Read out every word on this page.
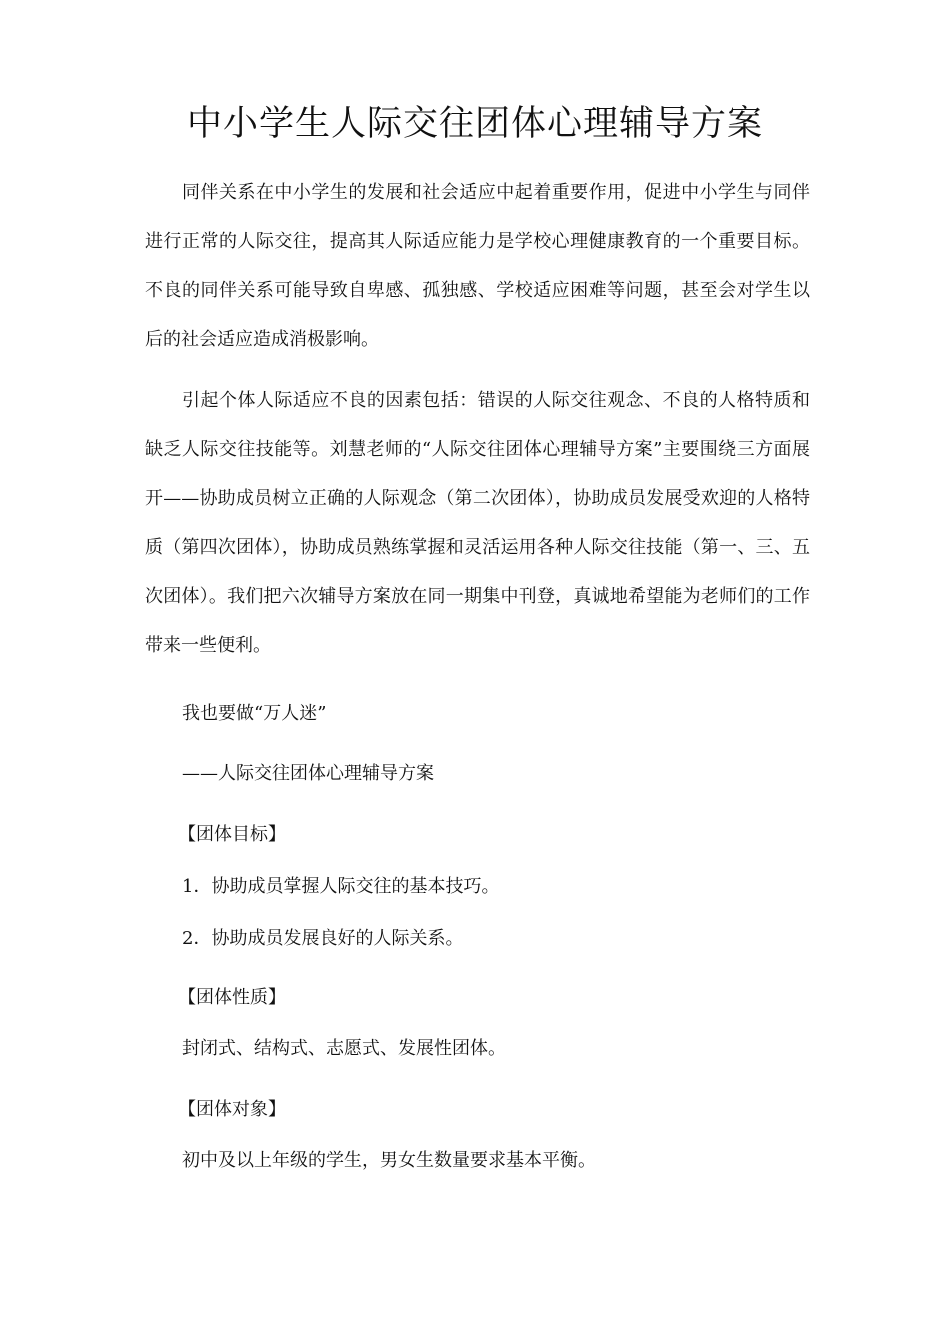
中小学生人际交往团体心理辅导方案

同伴关系在中小学生的发展和社会适应中起着重要作用，促进中小学生与同伴进行正常的人际交往，提高其人际适应能力是学校心理健康教育的一个重要目标。不良的同伴关系可能导致自卑感、孤独感、学校适应困难等问题，甚至会对学生以后的社会适应造成消极影响。

引起个体人际适应不良的因素包括：错误的人际交往观念、不良的人格特质和缺乏人际交往技能等。刘慧老师的“人际交往团体心理辅导方案”主要围绕三方面展开——协助成员树立正确的人际观念（第二次团体），协助成员发展受欢迎的人格特质（第四次团体），协助成员熟练掌握和灵活运用各种人际交往技能（第一、三、五次团体）。我们把六次辅导方案放在同一期集中刊登，真诚地希望能为老师们的工作带来一些便利。

我也要做“万人迷”

——人际交往团体心理辅导方案

【团体目标】

1．协助成员掌握人际交往的基本技巧。

2．协助成员发展良好的人际关系。

【团体性质】

封闭式、结构式、志愿式、发展性团体。

【团体对象】

初中及以上年级的学生，男女生数量要求基本平衡。
